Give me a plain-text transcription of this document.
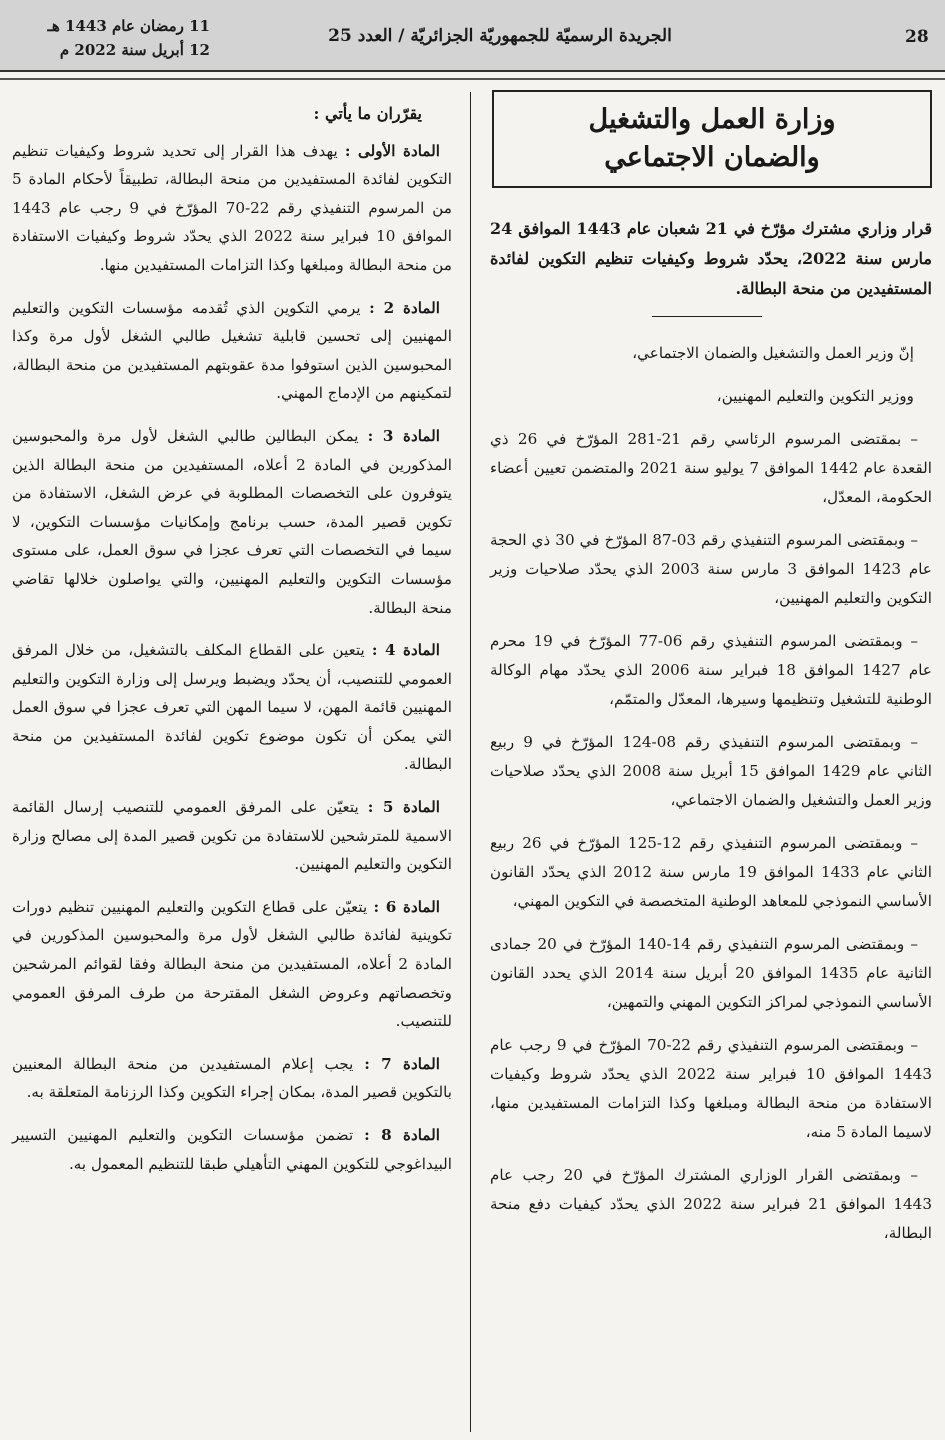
28
الجريدة الرسميّة للجمهوريّة الجزائريّة / العدد 25
11 رمضان عام 1443 هـ
12 أبريل سنة 2022 م
وزارة العمل والتشغيل
والضمان الاجتماعي

قرار وزاري مشترك مؤرّخ في 21 شعبان عام 1443 الموافق 24 مارس سنة 2022، يحدّد شروط وكيفيات تنظيم التكوين لفائدة المستفيدين من منحة البطالة.

إنّ وزير العمل والتشغيل والضمان الاجتماعي،

ووزير التكوين والتعليم المهنيين،

– بمقتضى المرسوم الرئاسي رقم 21-281 المؤرّخ في 26 ذي القعدة عام 1442 الموافق 7 يوليو سنة 2021 والمتضمن تعيين أعضاء الحكومة، المعدّل،

– وبمقتضى المرسوم التنفيذي رقم 03-87 المؤرّخ في 30 ذي الحجة عام 1423 الموافق 3 مارس سنة 2003 الذي يحدّد صلاحيات وزير التكوين والتعليم المهنيين،

– وبمقتضى المرسوم التنفيذي رقم 06-77 المؤرّخ في 19 محرم عام 1427 الموافق 18 فبراير سنة 2006 الذي يحدّد مهام الوكالة الوطنية للتشغيل وتنظيمها وسيرها، المعدّل والمتمّم،

– وبمقتضى المرسوم التنفيذي رقم 08-124 المؤرّخ في 9 ربيع الثاني عام 1429 الموافق 15 أبريل سنة 2008 الذي يحدّد صلاحيات وزير العمل والتشغيل والضمان الاجتماعي،

– وبمقتضى المرسوم التنفيذي رقم 12-125 المؤرّخ في 26 ربيع الثاني عام 1433 الموافق 19 مارس سنة 2012 الذي يحدّد القانون الأساسي النموذجي للمعاهد الوطنية المتخصصة في التكوين المهني،

– وبمقتضى المرسوم التنفيذي رقم 14-140 المؤرّخ في 20 جمادى الثانية عام 1435 الموافق 20 أبريل سنة 2014 الذي يحدد القانون الأساسي النموذجي لمراكز التكوين المهني والتمهين،

– وبمقتضى المرسوم التنفيذي رقم 22-70 المؤرّخ في 9 رجب عام 1443 الموافق 10 فبراير سنة 2022 الذي يحدّد شروط وكيفيات الاستفادة من منحة البطالة ومبلغها وكذا التزامات المستفيدين منها، لاسيما المادة 5 منه،

– وبمقتضى القرار الوزاري المشترك المؤرّخ في 20 رجب عام 1443 الموافق 21 فبراير سنة 2022 الذي يحدّد كيفيات دفع منحة البطالة،

يقرّران ما يأتي :

المادة الأولى : يهدف هذا القرار إلى تحديد شروط وكيفيات تنظيم التكوين لفائدة المستفيدين من منحة البطالة، تطبيقاً لأحكام المادة 5 من المرسوم التنفيذي رقم 22-70 المؤرّخ في 9 رجب عام 1443 الموافق 10 فبراير سنة 2022 الذي يحدّد شروط وكيفيات الاستفادة من منحة البطالة ومبلغها وكذا التزامات المستفيدين منها.

المادة 2 : يرمي التكوين الذي تُقدمه مؤسسات التكوين والتعليم المهنيين إلى تحسين قابلية تشغيل طالبي الشغل لأول مرة وكذا المحبوسين الذين استوفوا مدة عقوبتهم المستفيدين من منحة البطالة، لتمكينهم من الإدماج المهني.

المادة 3 : يمكن البطالين طالبي الشغل لأول مرة والمحبوسين المذكورين في المادة 2 أعلاه، المستفيدين من منحة البطالة الذين يتوفرون على التخصصات المطلوبة في عرض الشغل، الاستفادة من تكوين قصير المدة، حسب برنامج وإمكانيات مؤسسات التكوين، لا سيما في التخصصات التي تعرف عجزا في سوق العمل، على مستوى مؤسسات التكوين والتعليم المهنيين، والتي يواصلون خلالها تقاضي منحة البطالة.

المادة 4 : يتعين على القطاع المكلف بالتشغيل، من خلال المرفق العمومي للتنصيب، أن يحدّد ويضبط ويرسل إلى وزارة التكوين والتعليم المهنيين قائمة المهن، لا سيما المهن التي تعرف عجزا في سوق العمل التي يمكن أن تكون موضوع تكوين لفائدة المستفيدين من منحة البطالة.

المادة 5 : يتعيّن على المرفق العمومي للتنصيب إرسال القائمة الاسمية للمترشحين للاستفادة من تكوين قصير المدة إلى مصالح وزارة التكوين والتعليم المهنيين.

المادة 6 : يتعيّن على قطاع التكوين والتعليم المهنيين تنظيم دورات تكوينية لفائدة طالبي الشغل لأول مرة والمحبوسين المذكورين في المادة 2 أعلاه، المستفيدين من منحة البطالة وفقا لقوائم المرشحين وتخصصاتهم وعروض الشغل المقترحة من طرف المرفق العمومي للتنصيب.

المادة 7 : يجب إعلام المستفيدين من منحة البطالة المعنيين بالتكوين قصير المدة، بمكان إجراء التكوين وكذا الرزنامة المتعلقة به.

المادة 8 : تضمن مؤسسات التكوين والتعليم المهنيين التسيير البيداغوجي للتكوين المهني التأهيلي طبقا للتنظيم المعمول به.
